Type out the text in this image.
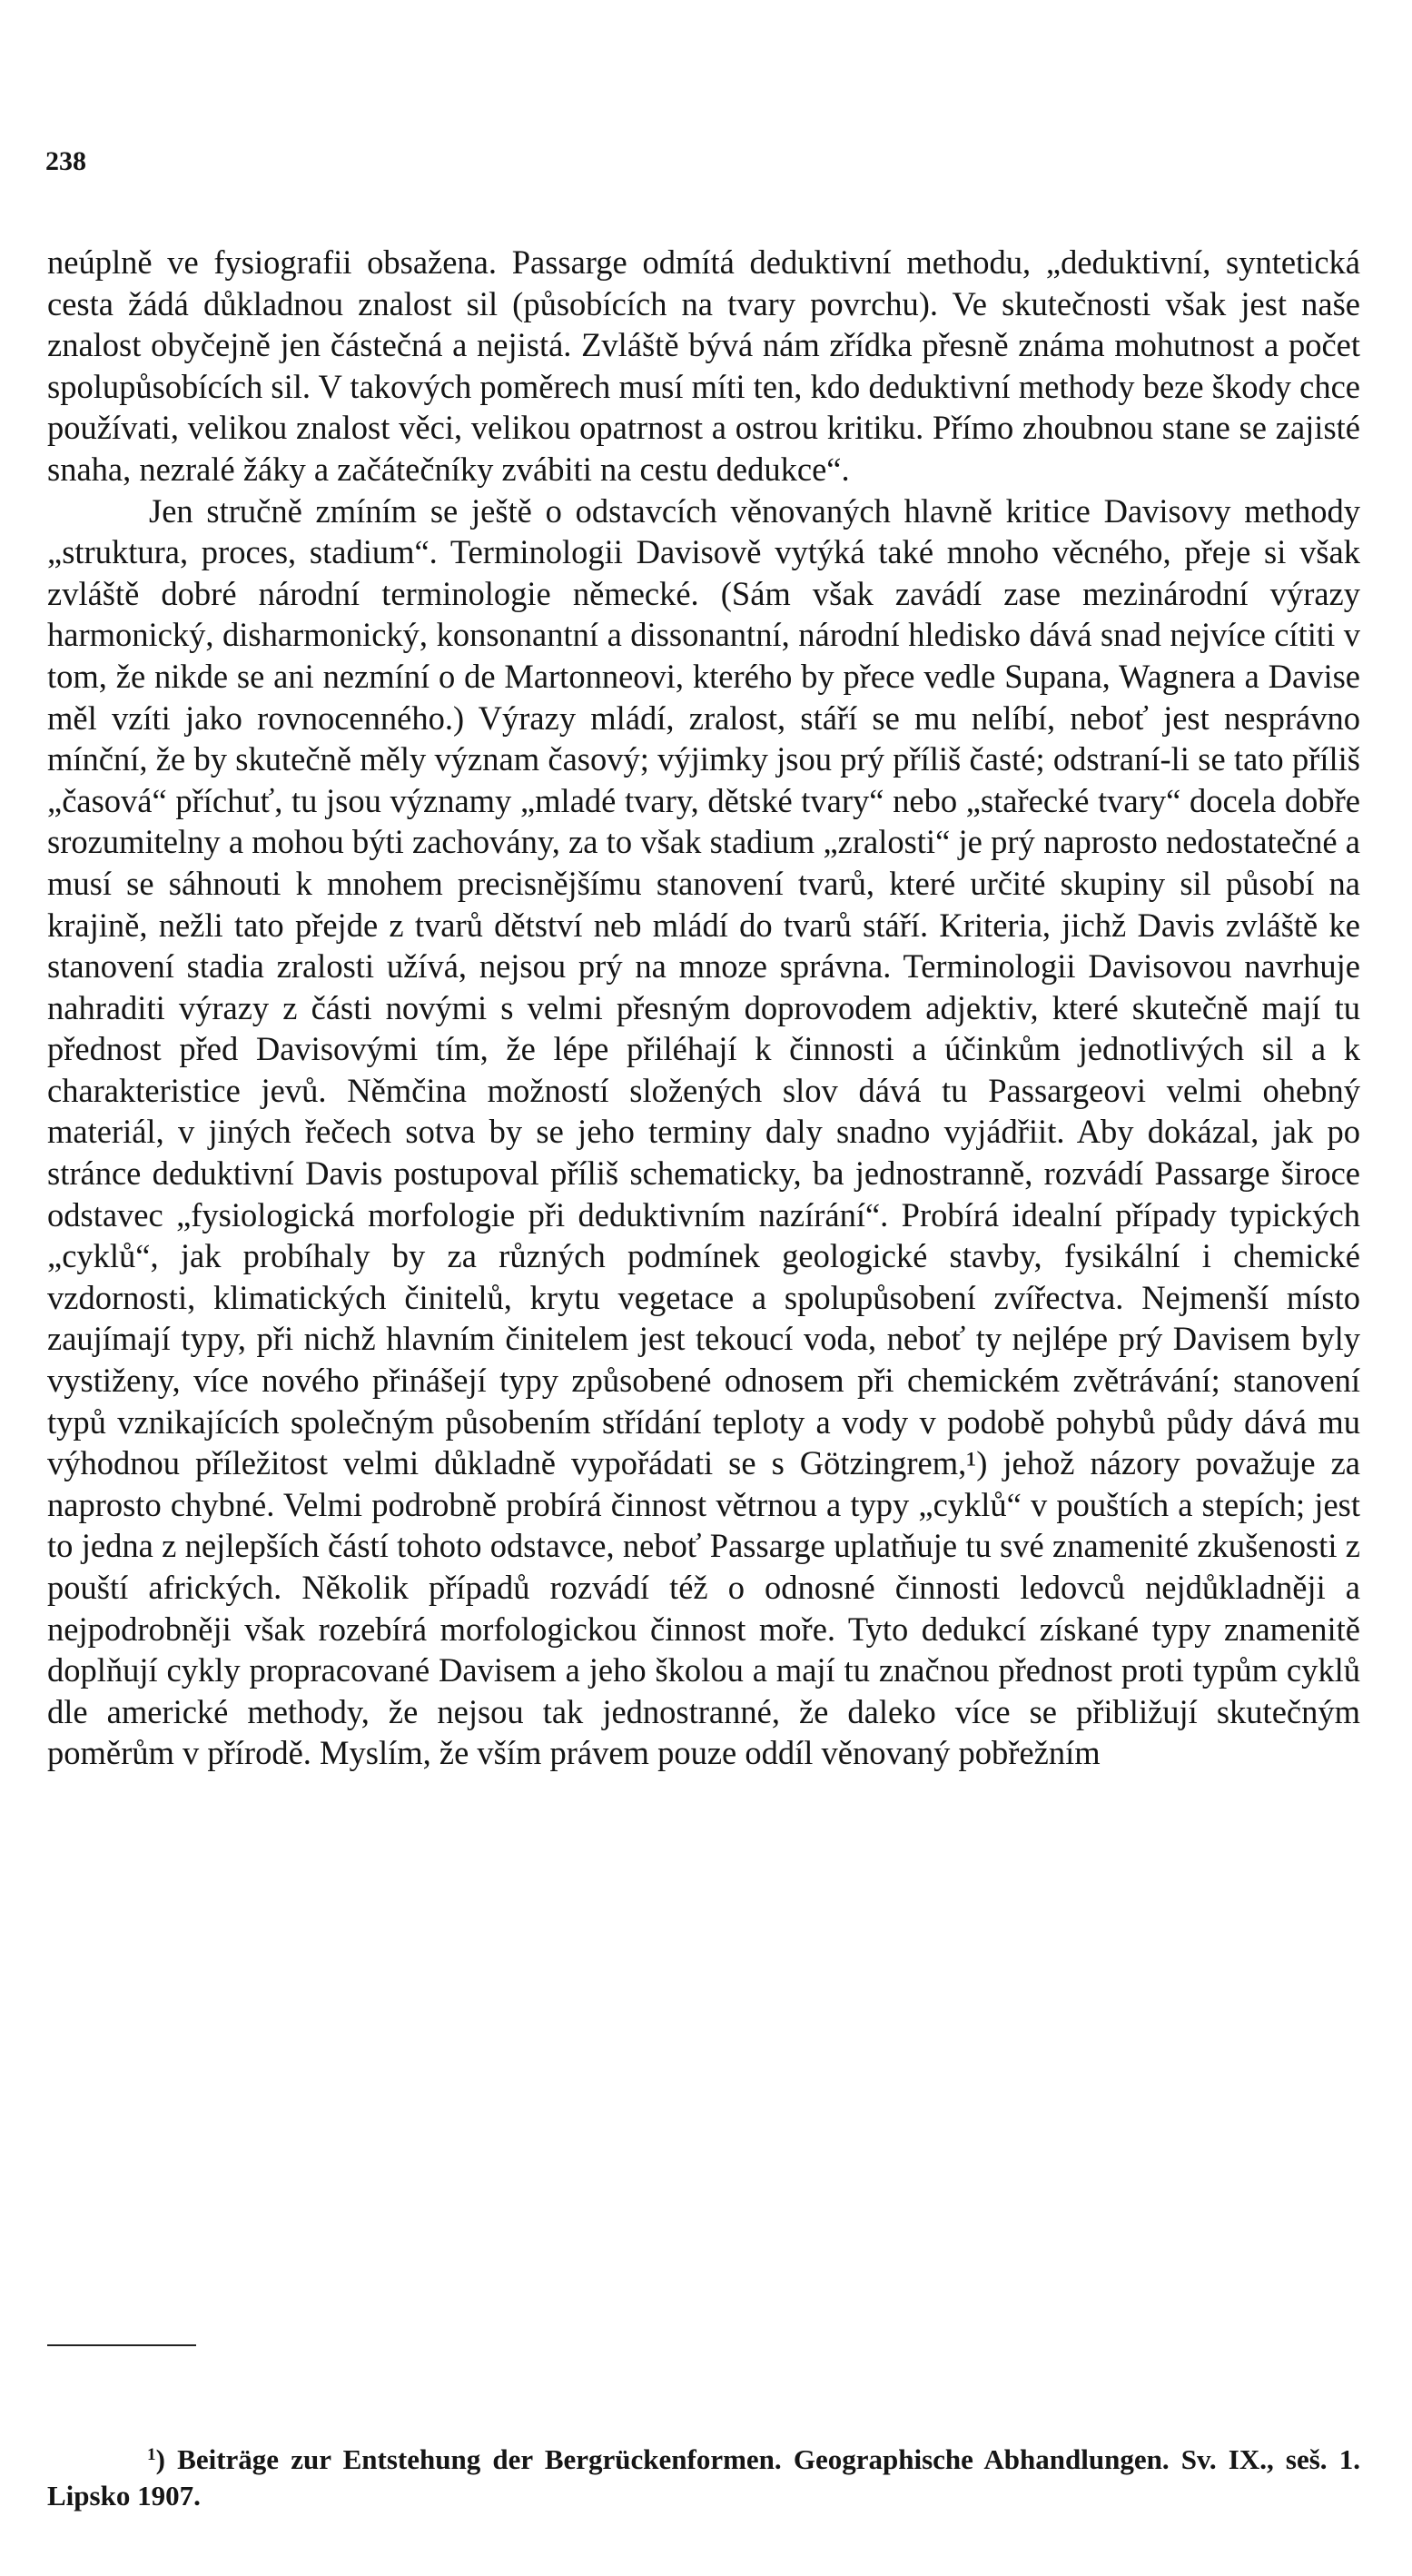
238

neúplně ve fysiografii obsažena. Passarge odmítá deduktivní methodu, „deduktivní, syntetická cesta žádá důkladnou znalost sil (působících na tvary povrchu). Ve skutečnosti však jest naše znalost obyčejně jen částečná a nejistá. Zvláště bývá nám zřídka přesně známa mohutnost a počet spolupůsobících sil. V takových poměrech musí míti ten, kdo deduktivní methody beze škody chce používati, velikou znalost věci, velikou opatrnost a ostrou kritiku. Přímo zhoubnou stane se zajisté snaha, nezralé žáky a začátečníky zvábiti na cestu dedukce“.

Jen stručně zmíním se ještě o odstavcích věnovaných hlavně kritice Davisovy methody „struktura, proces, stadium“. Terminologii Davisově vytýká také mnoho věcného, přeje si však zvláště dobré národní terminologie německé. (Sám však zavádí zase mezinárodní výrazy harmonický, disharmonický, konsonantní a dissonantní, národní hledisko dává snad nejvíce cítiti v tom, že nikde se ani nezmíní o de Martonneovi, kterého by přece vedle Supana, Wagnera a Davise měl vzíti jako rovnocenného.) Výrazy mládí, zralost, stáří se mu nelíbí, neboť jest nesprávno mínční, že by skutečně měly význam časový; výjimky jsou prý příliš časté; odstraní-li se tato příliš „časová“ příchuť, tu jsou významy „mladé tvary, dětské tvary“ nebo „stařecké tvary“ docela dobře srozumitelny a mohou býti zachovány, za to však stadium „zralosti“ je prý naprosto nedostatečné a musí se sáhnouti k mnohem precisnějšímu stanovení tvarů, které určité skupiny sil působí na krajině, nežli tato přejde z tvarů dětství neb mládí do tvarů stáří. Kriteria, jichž Davis zvláště ke stanovení stadia zralosti užívá, nejsou prý na mnoze správna. Terminologii Davisovou navrhuje nahraditi výrazy z části novými s velmi přesným doprovodem adjektiv, které skutečně mají tu přednost před Davisovými tím, že lépe přiléhají k činnosti a účinkům jednotlivých sil a k charakteristice jevů. Němčina možností složených slov dává tu Passargeovi velmi ohebný materiál, v jiných řečech sotva by se jeho terminy daly snadno vyjádřiit. Aby dokázal, jak po stránce deduktivní Davis postupoval příliš schematicky, ba jednostranně, rozvádí Passarge široce odstavec „fysiologická morfologie při deduktivním nazírání“. Probírá idealní případy typických „cyklů“, jak probíhaly by za různých podmínek geologické stavby, fysikální i chemické vzdornosti, klimatických činitelů, krytu vegetace a spolupůsobení zvířectva. Nejmenší místo zaujímají typy, při nichž hlavním činitelem jest tekoucí voda, neboť ty nejlépe prý Davisem byly vystiženy, více nového přinášejí typy způsobené odnosem při chemickém zvětrávání; stanovení typů vznikajících společným působením střídání teploty a vody v podobě pohybů půdy dává mu výhodnou příležitost velmi důkladně vypořádati se s Götzingrem,¹) jehož názory považuje za naprosto chybné. Velmi podrobně probírá činnost větrnou a typy „cyklů“ v pouštích a stepích; jest to jedna z nejlepších částí tohoto odstavce, neboť Passarge uplatňuje tu své znamenité zkušenosti z pouští afrických. Několik případů rozvádí též o odnosné činnosti ledovců nejdůkladněji a nejpodrobněji však rozebírá morfologickou činnost moře. Tyto dedukcí získané typy znamenitě doplňují cykly propracované Davisem a jeho školou a mají tu značnou přednost proti typům cyklů dle americké methody, že nejsou tak jednostranné, že daleko více se přibližují skutečným poměrům v přírodě. Myslím, že vším právem pouze oddíl věnovaný pobřežním

$^1$) Beiträge zur Entstehung der Bergrückenformen. Geographische Abhandlungen. Sv. IX., seš. 1. Lipsko 1907.
